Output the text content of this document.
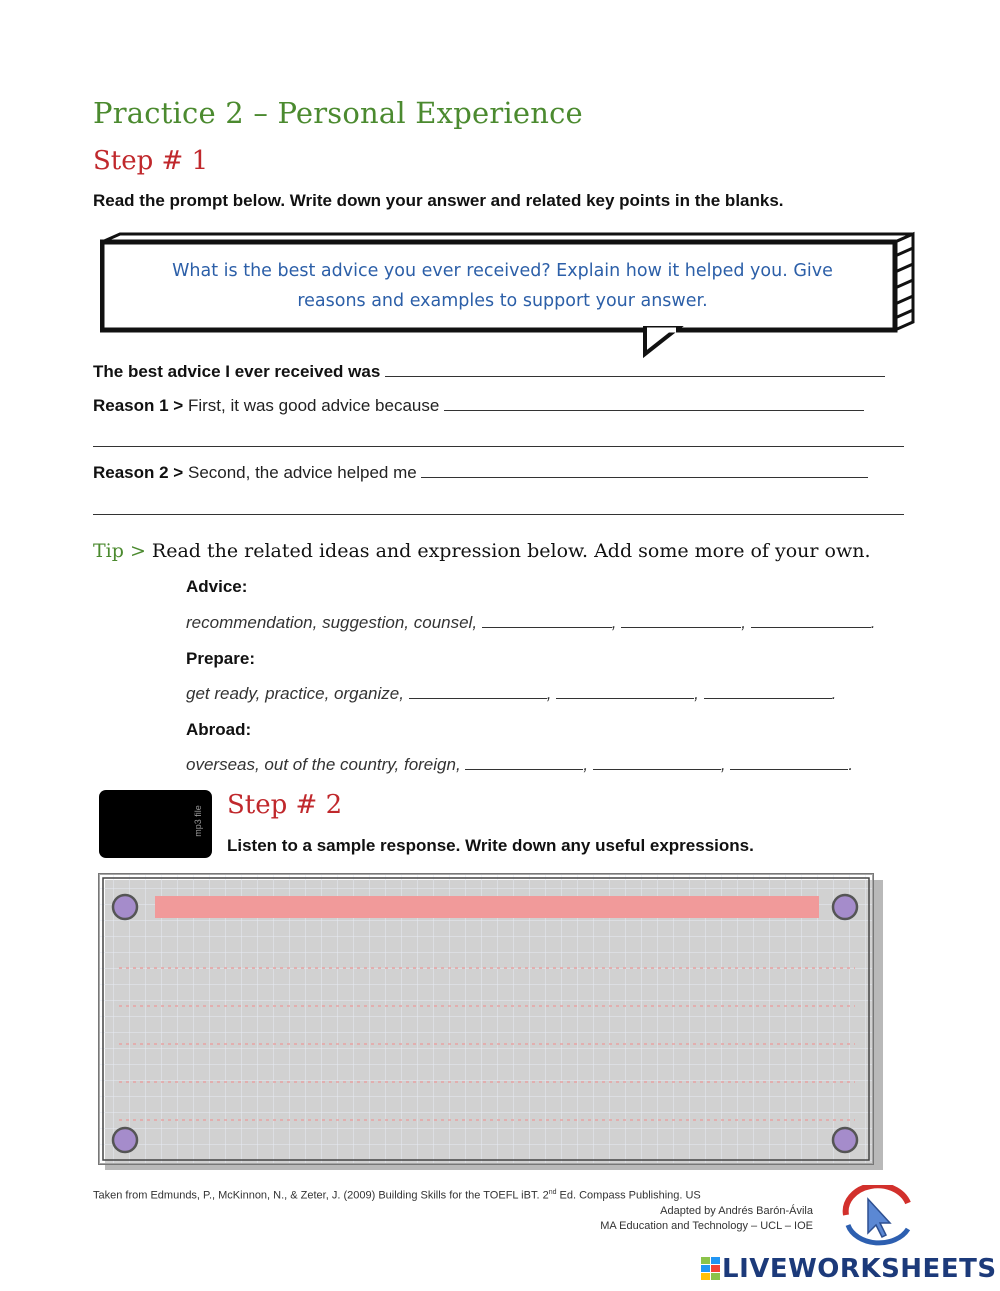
Practice 2 – Personal Experience
Step # 1
Read the prompt below. Write down your answer and related key points in the blanks.
What is the best advice you ever received? Explain how it helped you. Give
reasons and examples to support your answer.
The best advice I ever received was
Reason 1 > First, it was good advice because
Reason 2 > Second, the advice helped me
Tip > Read the related ideas and expression below. Add some more of your own.
Advice:
recommendation, suggestion, counsel,	,	,	.
Prepare:
get ready, practice, organize,	,	,	.
Abroad:
overseas, out of the country, foreign,	,	,	.
mp3 file
Step # 2
Listen to a sample response. Write down any useful expressions.
Taken from Edmunds, P., McKinnon, N., & Zeter, J. (2009) Building Skills for the TOEFL iBT. 2nd Ed. Compass Publishing. US
Adapted by Andrés Barón-Ávila
MA Education and Technology – UCL – IOE
LIVEWORKSHEETS
